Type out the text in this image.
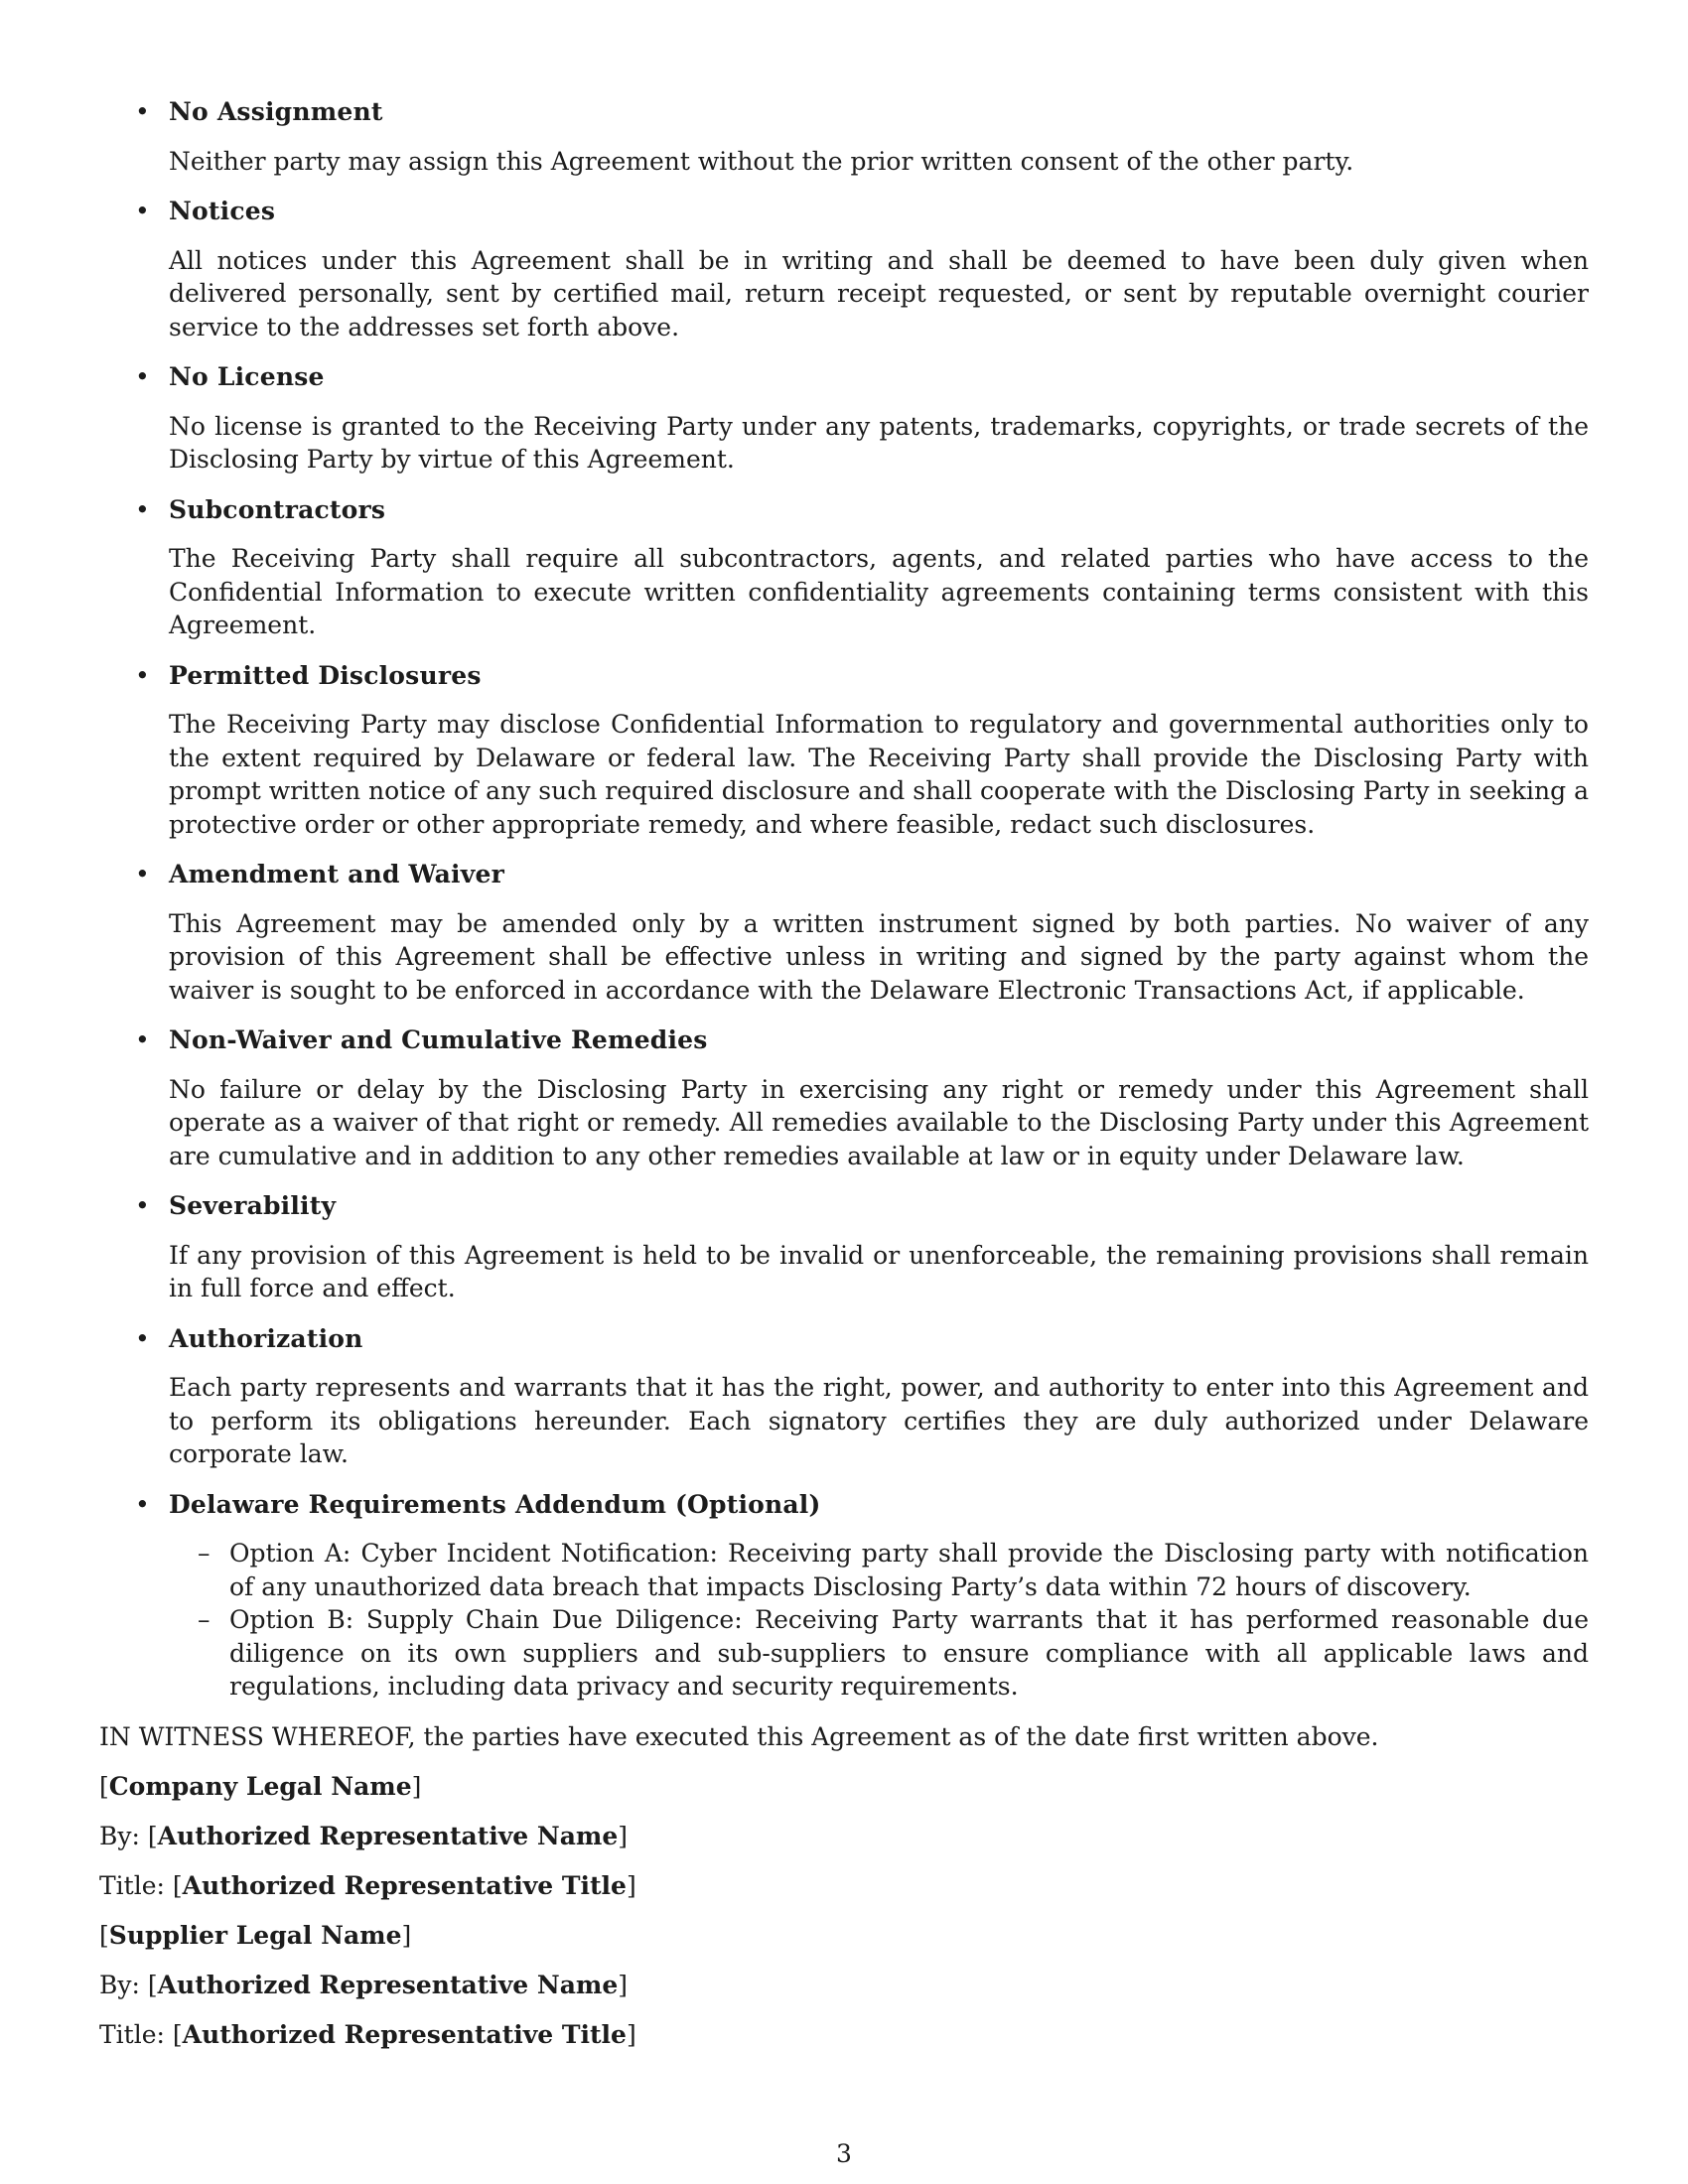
• No Assignment

Neither party may assign this Agreement without the prior written consent of the other party.

• Notices

All notices under this Agreement shall be in writing and shall be deemed to have been duly given when delivered personally, sent by certified mail, return receipt requested, or sent by reputable overnight courier service to the addresses set forth above.

• No License

No license is granted to the Receiving Party under any patents, trademarks, copyrights, or trade secrets of the Disclosing Party by virtue of this Agreement.

• Subcontractors

The Receiving Party shall require all subcontractors, agents, and related parties who have access to the Confidential Information to execute written confidentiality agreements containing terms consistent with this Agreement.

• Permitted Disclosures

The Receiving Party may disclose Confidential Information to regulatory and governmental authorities only to the extent required by Delaware or federal law. The Receiving Party shall provide the Disclosing Party with prompt written notice of any such required disclosure and shall cooperate with the Disclosing Party in seeking a protective order or other appropriate remedy, and where feasible, redact such disclosures.

• Amendment and Waiver

This Agreement may be amended only by a written instrument signed by both parties. No waiver of any provision of this Agreement shall be effective unless in writing and signed by the party against whom the waiver is sought to be enforced in accordance with the Delaware Electronic Transactions Act, if applicable.

• Non-Waiver and Cumulative Remedies

No failure or delay by the Disclosing Party in exercising any right or remedy under this Agreement shall operate as a waiver of that right or remedy. All remedies available to the Disclosing Party under this Agreement are cumulative and in addition to any other remedies available at law or in equity under Delaware law.

• Severability

If any provision of this Agreement is held to be invalid or unenforceable, the remaining provisions shall remain in full force and effect.

• Authorization

Each party represents and warrants that it has the right, power, and authority to enter into this Agreement and to perform its obligations hereunder. Each signatory certifies they are duly authorized under Delaware corporate law.

• Delaware Requirements Addendum (Optional)

– Option A: Cyber Incident Notification: Receiving party shall provide the Disclosing party with notification of any unauthorized data breach that impacts Disclosing Party’s data within 72 hours of discovery.
– Option B: Supply Chain Due Diligence: Receiving Party warrants that it has performed reasonable due diligence on its own suppliers and sub-suppliers to ensure compliance with all applicable laws and regulations, including data privacy and security requirements.

IN WITNESS WHEREOF, the parties have executed this Agreement as of the date first written above.

[Company Legal Name]

By: [Authorized Representative Name]

Title: [Authorized Representative Title]

[Supplier Legal Name]

By: [Authorized Representative Name]

Title: [Authorized Representative Title]

3
